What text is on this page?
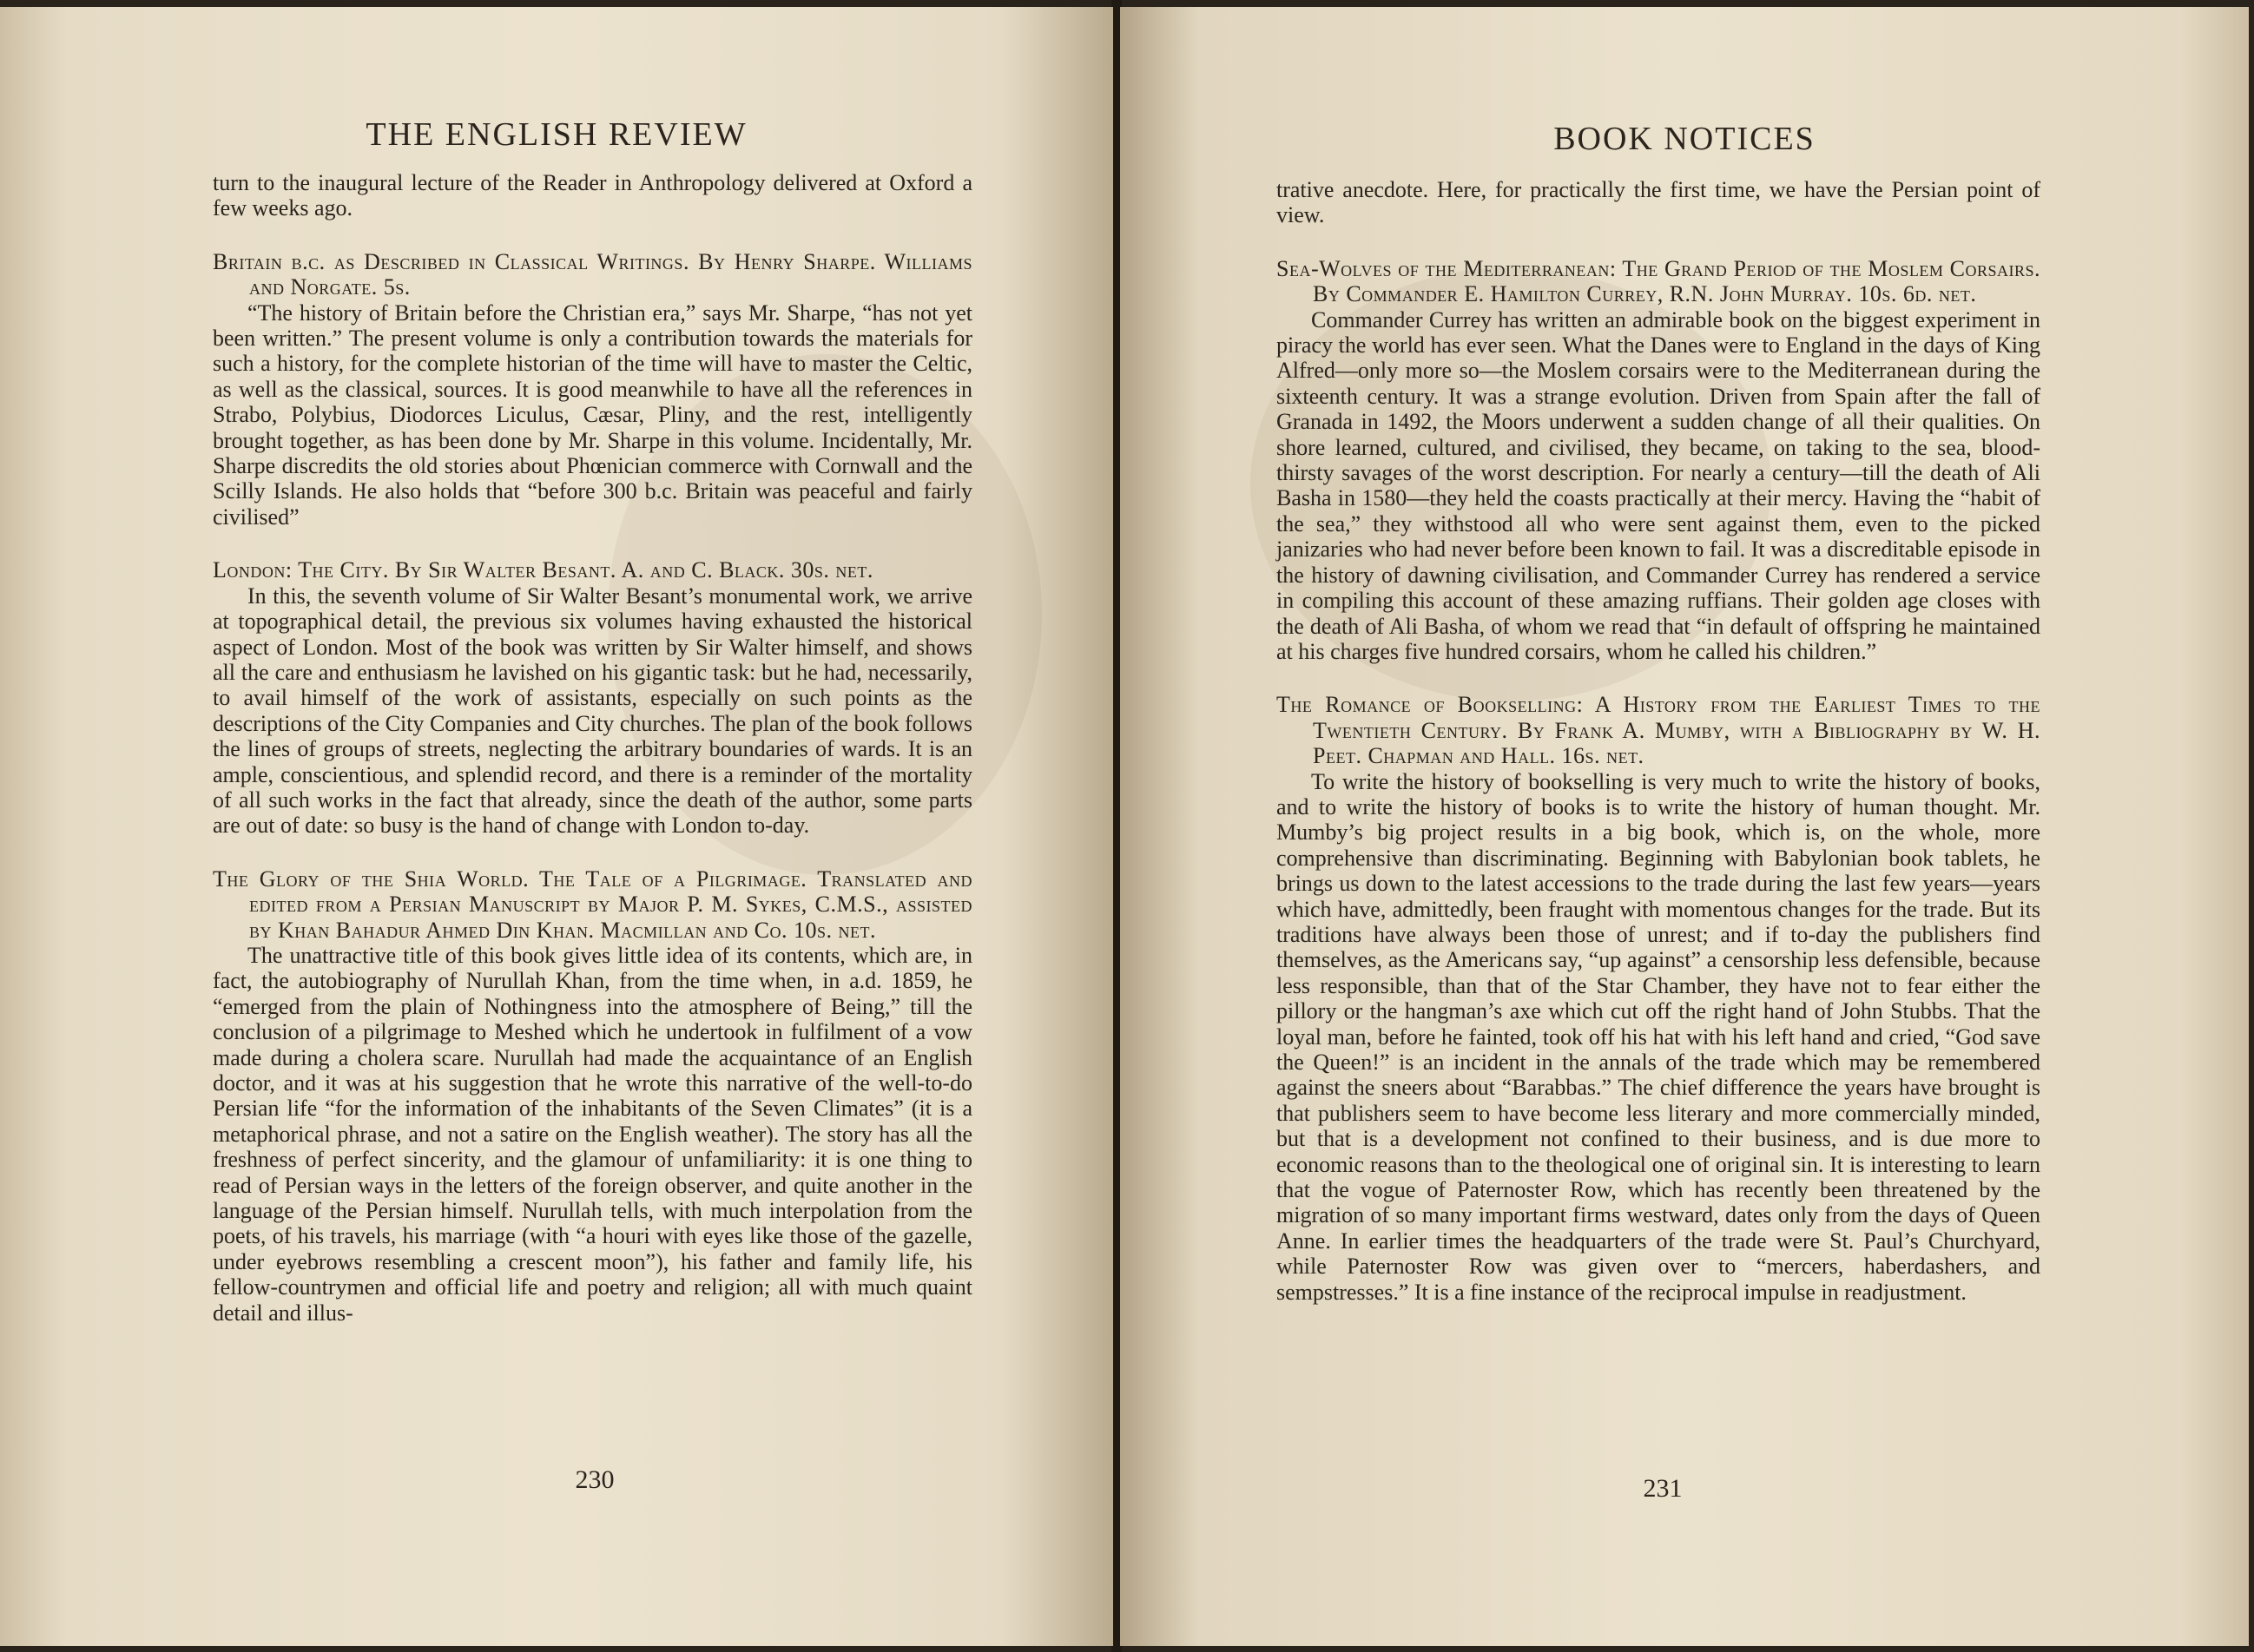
THE ENGLISH REVIEW

turn to the inaugural lecture of the Reader in Anthropology delivered at Oxford a few weeks ago.

Britain b.c. as Described in Classical Writings. By Henry Sharpe. Williams and Norgate. 5s.

“The history of Britain before the Christian era,” says Mr. Sharpe, “has not yet been written.” The present volume is only a contribution towards the materials for such a history, for the complete historian of the time will have to master the Celtic, as well as the classical, sources. It is good meanwhile to have all the references in Strabo, Polybius, Diodorces Liculus, Cæsar, Pliny, and the rest, intelligently brought together, as has been done by Mr. Sharpe in this volume. Incidentally, Mr. Sharpe discredits the old stories about Phœnician commerce with Cornwall and the Scilly Islands. He also holds that “before 300 b.c. Britain was peaceful and fairly civilised”

London: The City. By Sir Walter Besant. A. and C. Black. 30s. net.

In this, the seventh volume of Sir Walter Besant’s monumental work, we arrive at topographical detail, the previous six volumes having exhausted the historical aspect of London. Most of the book was written by Sir Walter himself, and shows all the care and enthusiasm he lavished on his gigantic task: but he had, necessarily, to avail himself of the work of assistants, especially on such points as the descriptions of the City Companies and City churches. The plan of the book follows the lines of groups of streets, neglecting the arbitrary boundaries of wards. It is an ample, conscientious, and splendid record, and there is a reminder of the mortality of all such works in the fact that already, since the death of the author, some parts are out of date: so busy is the hand of change with London to-day.

The Glory of the Shia World. The Tale of a Pilgrimage. Translated and edited from a Persian Manuscript by Major P. M. Sykes, C.M.S., assisted by Khan Bahadur Ahmed Din Khan. Macmillan and Co. 10s. net.

The unattractive title of this book gives little idea of its contents, which are, in fact, the autobiography of Nurullah Khan, from the time when, in a.d. 1859, he “emerged from the plain of Nothingness into the atmosphere of Being,” till the conclusion of a pilgrimage to Meshed which he undertook in fulfilment of a vow made during a cholera scare. Nurullah had made the acquaintance of an English doctor, and it was at his suggestion that he wrote this narrative of the well-to-do Persian life “for the information of the inhabitants of the Seven Climates” (it is a metaphorical phrase, and not a satire on the English weather). The story has all the freshness of perfect sincerity, and the glamour of unfamiliarity: it is one thing to read of Persian ways in the letters of the foreign observer, and quite another in the language of the Persian himself. Nurullah tells, with much interpolation from the poets, of his travels, his marriage (with “a houri with eyes like those of the gazelle, under eyebrows resembling a crescent moon”), his father and family life, his fellow-countrymen and official life and poetry and religion; all with much quaint detail and illus-

230
BOOK NOTICES

trative anecdote. Here, for practically the first time, we have the Persian point of view.

Sea-Wolves of the Mediterranean: The Grand Period of the Moslem Corsairs. By Commander E. Hamilton Currey, R.N. John Murray. 10s. 6d. net.

Commander Currey has written an admirable book on the biggest experiment in piracy the world has ever seen. What the Danes were to England in the days of King Alfred—only more so—the Moslem corsairs were to the Mediterranean during the sixteenth century. It was a strange evolution. Driven from Spain after the fall of Granada in 1492, the Moors underwent a sudden change of all their qualities. On shore learned, cultured, and civilised, they became, on taking to the sea, blood-thirsty savages of the worst description. For nearly a century—till the death of Ali Basha in 1580—they held the coasts practically at their mercy. Having the “habit of the sea,” they withstood all who were sent against them, even to the picked janizaries who had never before been known to fail. It was a discreditable episode in the history of dawning civilisation, and Commander Currey has rendered a service in compiling this account of these amazing ruffians. Their golden age closes with the death of Ali Basha, of whom we read that “in default of offspring he maintained at his charges five hundred corsairs, whom he called his children.”

The Romance of Bookselling: A History from the Earliest Times to the Twentieth Century. By Frank A. Mumby, with a Bibliography by W. H. Peet. Chapman and Hall. 16s. net.

To write the history of bookselling is very much to write the history of books, and to write the history of books is to write the history of human thought. Mr. Mumby’s big project results in a big book, which is, on the whole, more comprehensive than discriminating. Beginning with Babylonian book tablets, he brings us down to the latest accessions to the trade during the last few years—years which have, admittedly, been fraught with momentous changes for the trade. But its traditions have always been those of unrest; and if to-day the publishers find themselves, as the Americans say, “up against” a censorship less defensible, because less responsible, than that of the Star Chamber, they have not to fear either the pillory or the hangman’s axe which cut off the right hand of John Stubbs. That the loyal man, before he fainted, took off his hat with his left hand and cried, “God save the Queen!” is an incident in the annals of the trade which may be remembered against the sneers about “Barabbas.” The chief difference the years have brought is that publishers seem to have become less literary and more commercially minded, but that is a development not confined to their business, and is due more to economic reasons than to the theological one of original sin. It is interesting to learn that the vogue of Paternoster Row, which has recently been threatened by the migration of so many important firms westward, dates only from the days of Queen Anne. In earlier times the headquarters of the trade were St. Paul’s Churchyard, while Paternoster Row was given over to “mercers, haberdashers, and sempstresses.” It is a fine instance of the reciprocal impulse in readjustment.

231
